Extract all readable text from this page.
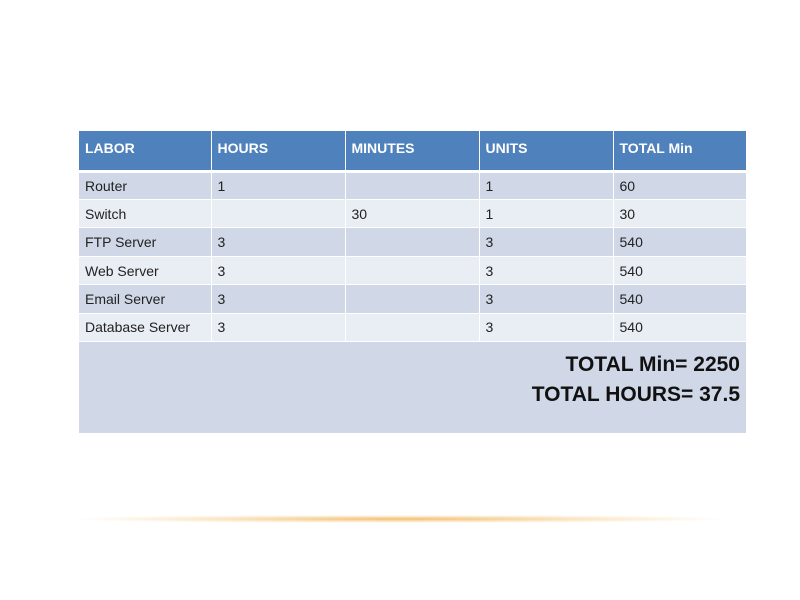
LABOR	HOURS	MINUTES	UNITS	TOTAL Min
Router	1		1	60
Switch		30	1	30
FTP Server	3		3	540
Web Server	3		3	540
Email Server	3		3	540
Database Server	3		3	540

TOTAL Min= 2250
TOTAL HOURS= 37.5				
